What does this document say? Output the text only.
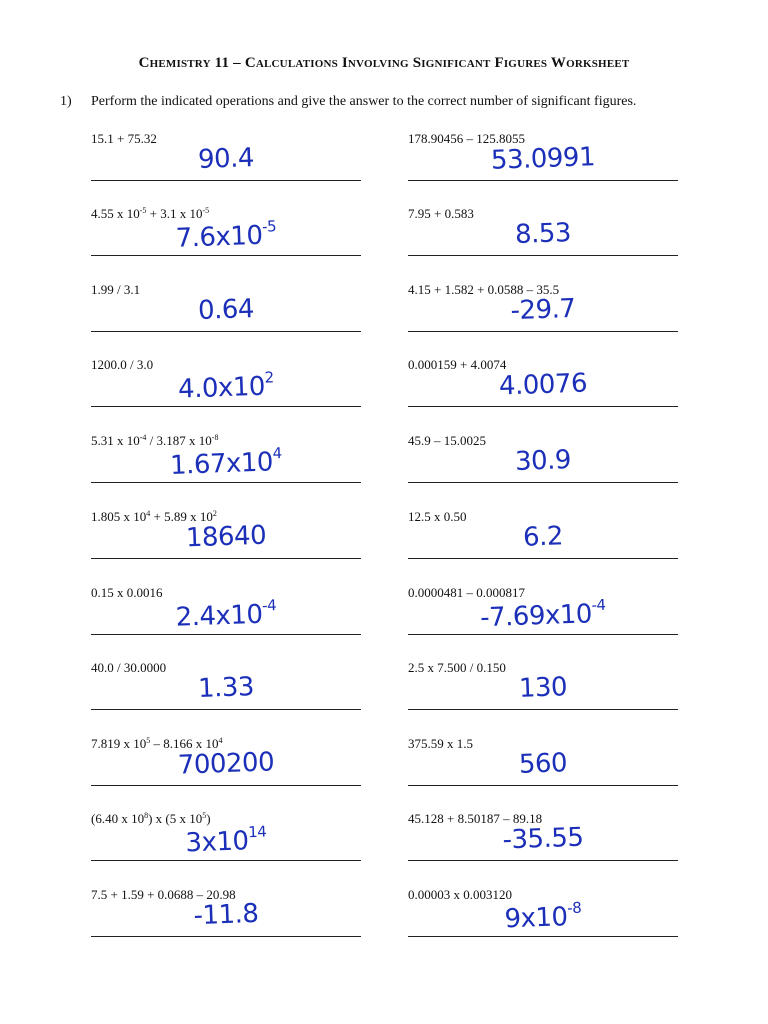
Chemistry 11 – Calculations Involving Significant Figures Worksheet
1) Perform the indicated operations and give the answer to the correct number of significant figures.
15.1 + 75.32
90.4
4.55 x $10^{-5} + 3.1$ x $10^{-5}$
$7.6x10^{-5}$
1.99 / 3.1
0.64
1200.0 / 3.0
$4.0x10^2$
5.31 x $10^{-4} / 3.187$ x $10^{-8}$
$1.67x10^4$
1.805 x $10^4 + 5.89$ x $10^2$
18640
0.15 x 0.0016
$2.4x10^{-4}$
40.0 / 30.0000
1.33
7.819 x $10^5 - 8.166$ x $10^4$
700200
(6.40 x $10^8$) x (5 x $10^5$)
$3x10^{14}$
7.5 + 1.59 + 0.0688 – 20.98
-11.8
178.90456 – 125.8055
53.0991
7.95 + 0.583
8.53
4.15 + 1.582 + 0.0588 – 35.5
-29.7
0.000159 + 4.0074
4.0076
45.9 – 15.0025
30.9
12.5 x 0.50
6.2
0.0000481 – 0.000817
$-7.69x10^{-4}$
2.5 x 7.500 / 0.150
130
375.59 x 1.5
560
45.128 + 8.50187 – 89.18
-35.55
0.00003 x 0.003120
$9x10^{-8}$
